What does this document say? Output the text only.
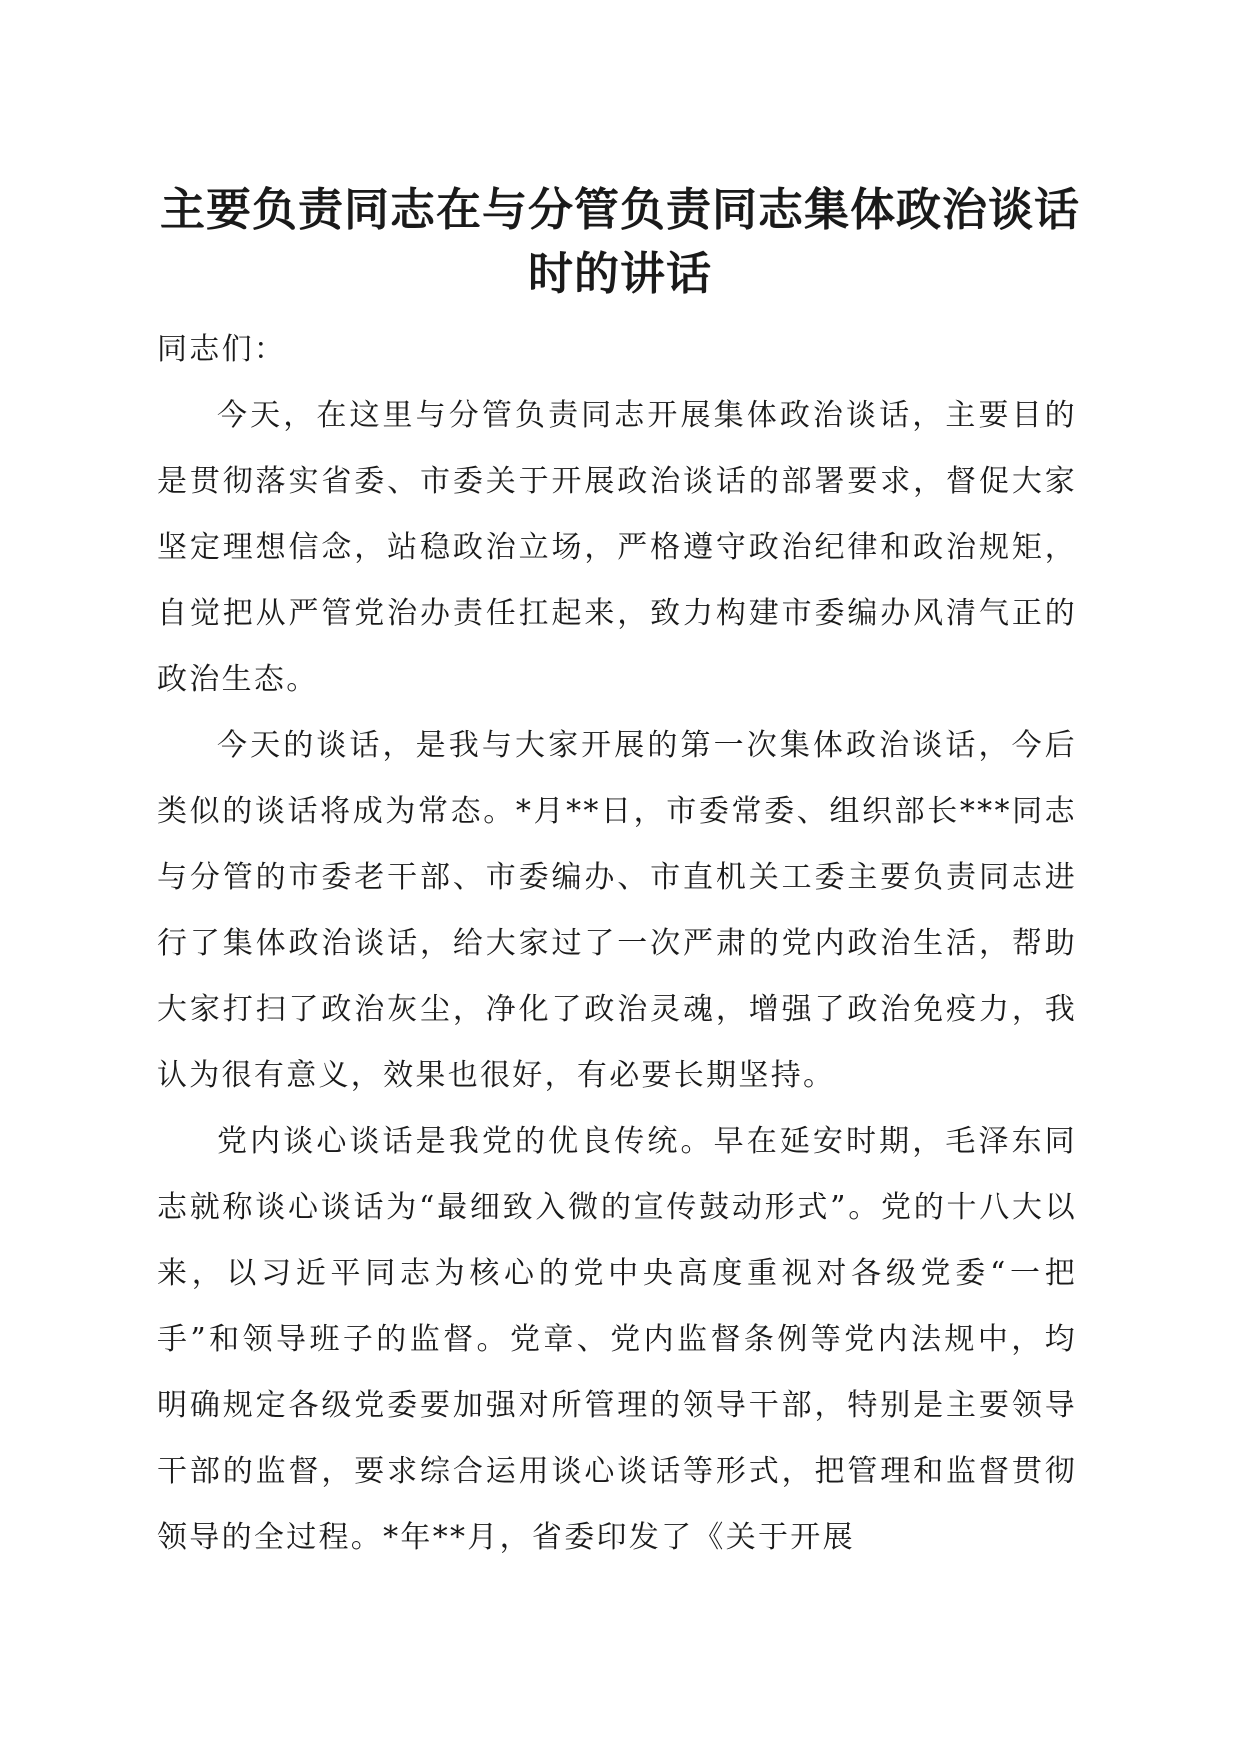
主要负责同志在与分管负责同志集体政治谈话时的讲话

同志们：

今天，在这里与分管负责同志开展集体政治谈话，主要目的是贯彻落实省委、市委关于开展政治谈话的部署要求，督促大家坚定理想信念，站稳政治立场，严格遵守政治纪律和政治规矩，自觉把从严管党治办责任扛起来，致力构建市委编办风清气正的政治生态。

今天的谈话，是我与大家开展的第一次集体政治谈话，今后类似的谈话将成为常态。*月**日，市委常委、组织部长***同志与分管的市委老干部、市委编办、市直机关工委主要负责同志进行了集体政治谈话，给大家过了一次严肃的党内政治生活，帮助大家打扫了政治灰尘，净化了政治灵魂，增强了政治免疫力，我认为很有意义，效果也很好，有必要长期坚持。

党内谈心谈话是我党的优良传统。早在延安时期，毛泽东同志就称谈心谈话为“最细致入微的宣传鼓动形式”。党的十八大以来，以习近平同志为核心的党中央高度重视对各级党委“一把手”和领导班子的监督。党章、党内监督条例等党内法规中，均明确规定各级党委要加强对所管理的领导干部，特别是主要领导干部的监督，要求综合运用谈心谈话等形式，把管理和监督贯彻领导的全过程。*年**月，省委印发了《关于开展
